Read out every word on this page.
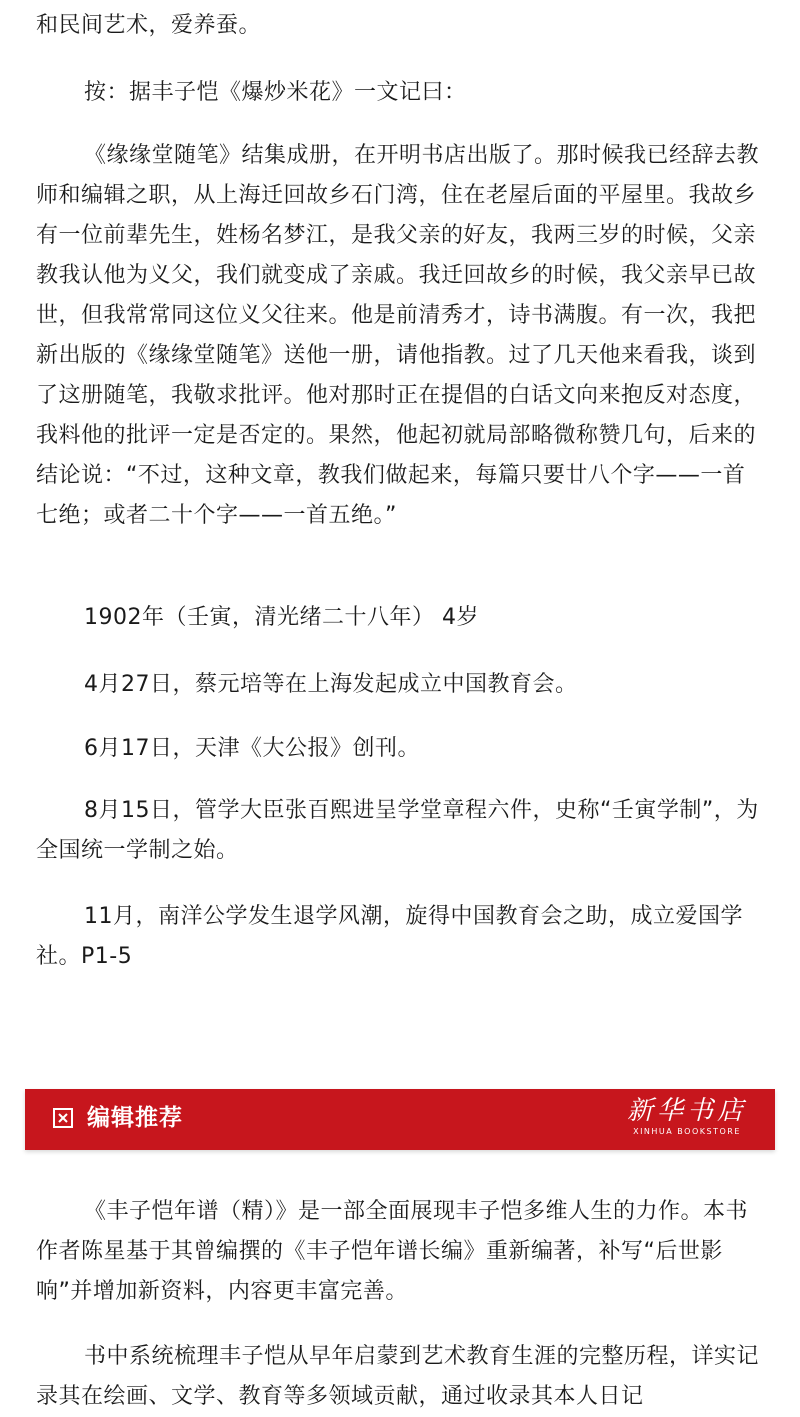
和民间艺术，爱养蚕。

按：据丰子恺《爆炒米花》一文记曰：

《缘缘堂随笔》结集成册，在开明书店出版了。那时候我已经辞去教师和编辑之职，从上海迁回故乡石门湾，住在老屋后面的平屋里。我故乡有一位前辈先生，姓杨名梦江，是我父亲的好友，我两三岁的时候，父亲教我认他为义父，我们就变成了亲戚。我迁回故乡的时候，我父亲早已故世，但我常常同这位义父往来。他是前清秀才，诗书满腹。有一次，我把新出版的《缘缘堂随笔》送他一册，请他指教。过了几天他来看我，谈到了这册随笔，我敬求批评。他对那时正在提倡的白话文向来抱反对态度，我料他的批评一定是否定的。果然，他起初就局部略微称赞几句，后来的结论说：“不过，这种文章，教我们做起来，每篇只要廿八个字——一首七绝；或者二十个字——一首五绝。”

1902年（壬寅，清光绪二十八年） 4岁

4月27日，蔡元培等在上海发起成立中国教育会。

6月17日，天津《大公报》创刊。

8月15日，管学大臣张百熙进呈学堂章程六件，史称“壬寅学制”，为全国统一学制之始。

11月，南洋公学发生退学风潮，旋得中国教育会之助，成立爱国学社。P1-5

编辑推荐	新华书店
XINHUA BOOKSTORE

《丰子恺年谱（精）》是一部全面展现丰子恺多维人生的力作。本书作者陈星基于其曾编撰的《丰子恺年谱长编》重新编著，补写“后世影响”并增加新资料，内容更丰富完善。

书中系统梳理丰子恺从早年启蒙到艺术教育生涯的完整历程，详实记录其在绘画、文学、教育等多领域贡献，通过收录其本人日记
